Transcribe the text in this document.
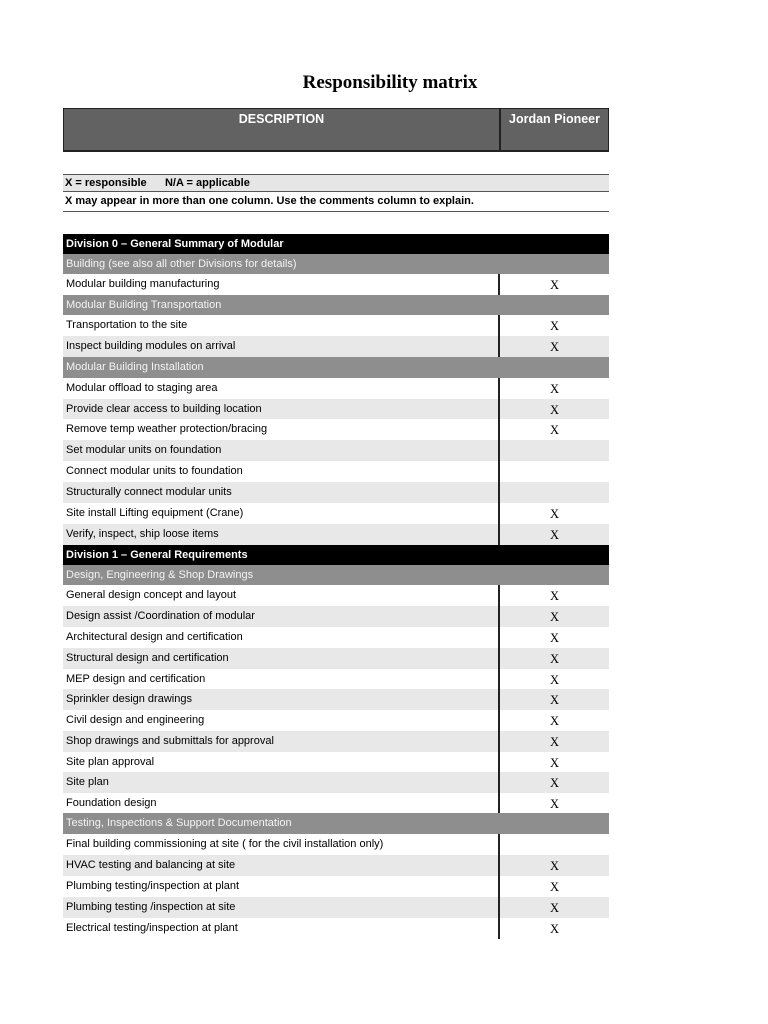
Responsibility matrix
DESCRIPTION	Jordan Pioneer
X = responsible      N/A = applicable
X may appear in more than one column. Use the comments column to explain.
Division 0 – General Summary of Modular
Building (see also all other Divisions for details)
Modular building manufacturing	X
Modular Building Transportation
Transportation to the site	X
Inspect building modules on arrival	X
Modular Building Installation
Modular offload to staging area	X
Provide clear access to building location	X
Remove temp weather protection/bracing	X
Set modular units on foundation
Connect modular units to foundation
Structurally connect modular units
Site install Lifting equipment (Crane)	X
Verify, inspect, ship loose items	X
Division 1 – General Requirements
Design, Engineering & Shop Drawings
General design concept and layout	X
Design assist /Coordination of modular	X
Architectural design and certification	X
Structural design and certification	X
MEP design and certification	X
Sprinkler design drawings	X
Civil design and engineering	X
Shop drawings and submittals for approval	X
Site plan approval	X
Site plan	X
Foundation design	X
Testing, Inspections & Support Documentation
Final building commissioning at site ( for the civil installation only)
HVAC testing and balancing at site	X
Plumbing testing/inspection at plant	X
Plumbing testing /inspection at site	X
Electrical testing/inspection at plant	X
